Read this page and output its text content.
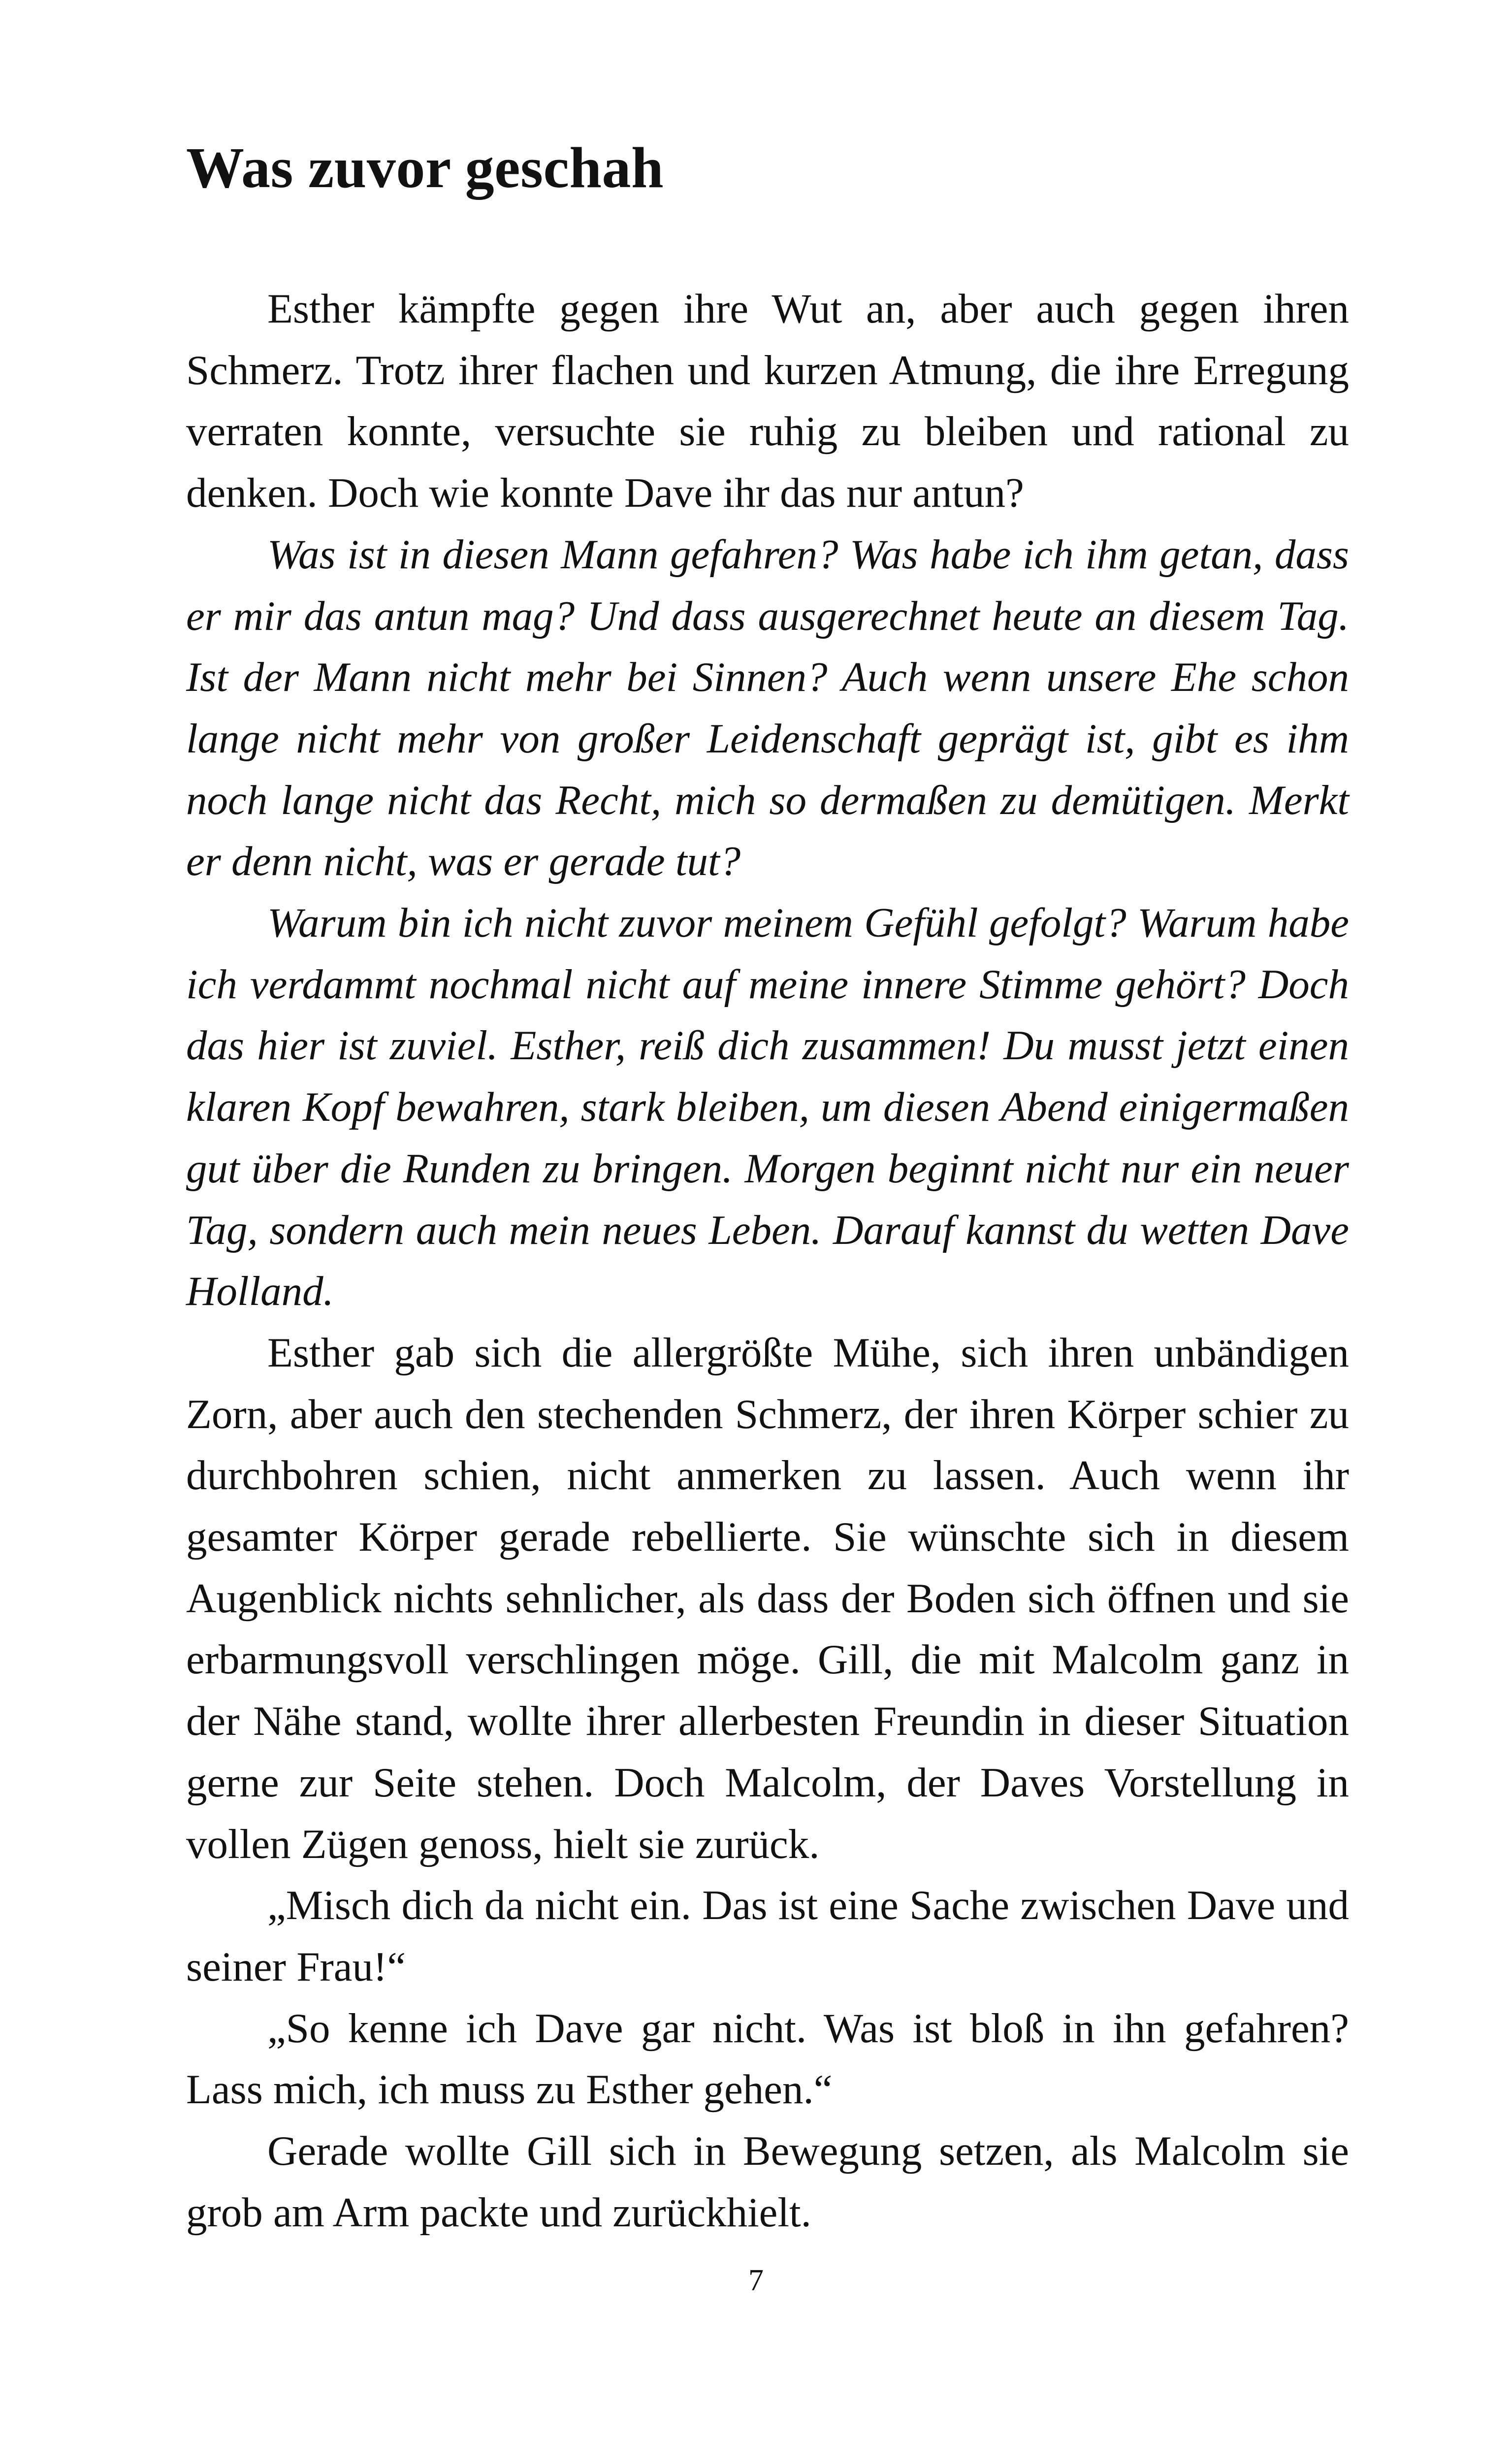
Was zuvor geschah

Esther kämpfte gegen ihre Wut an, aber auch gegen ihren Schmerz. Trotz ihrer flachen und kurzen Atmung, die ihre Erregung verraten konnte, versuchte sie ruhig zu bleiben und rational zu denken. Doch wie konnte Dave ihr das nur antun?

Was ist in diesen Mann gefahren? Was habe ich ihm getan, dass er mir das antun mag? Und dass ausgerechnet heute an diesem Tag. Ist der Mann nicht mehr bei Sinnen? Auch wenn unsere Ehe schon lange nicht mehr von großer Leidenschaft geprägt ist, gibt es ihm noch lange nicht das Recht, mich so dermaßen zu demütigen. Merkt er denn nicht, was er gerade tut?

Warum bin ich nicht zuvor meinem Gefühl gefolgt? Warum habe ich verdammt nochmal nicht auf meine innere Stimme gehört? Doch das hier ist zuviel. Esther, reiß dich zusammen! Du musst jetzt einen klaren Kopf bewahren, stark bleiben, um diesen Abend einigermaßen gut über die Runden zu bringen. Morgen beginnt nicht nur ein neuer Tag, sondern auch mein neues Leben. Darauf kannst du wetten Dave Holland.

Esther gab sich die allergrößte Mühe, sich ihren unbändigen Zorn, aber auch den stechenden Schmerz, der ihren Körper schier zu durchbohren schien, nicht anmerken zu lassen. Auch wenn ihr gesamter Körper gerade rebellierte. Sie wünschte sich in diesem Augenblick nichts sehnlicher, als dass der Boden sich öffnen und sie erbarmungsvoll verschlingen möge. Gill, die mit Malcolm ganz in der Nähe stand, wollte ihrer allerbesten Freundin in dieser Situation gerne zur Seite stehen. Doch Malcolm, der Daves Vorstellung in vollen Zügen genoss, hielt sie zurück.

„Misch dich da nicht ein. Das ist eine Sache zwischen Dave und seiner Frau!“

„So kenne ich Dave gar nicht. Was ist bloß in ihn gefahren? Lass mich, ich muss zu Esther gehen.“

Gerade wollte Gill sich in Bewegung setzen, als Malcolm sie grob am Arm packte und zurückhielt.

7
